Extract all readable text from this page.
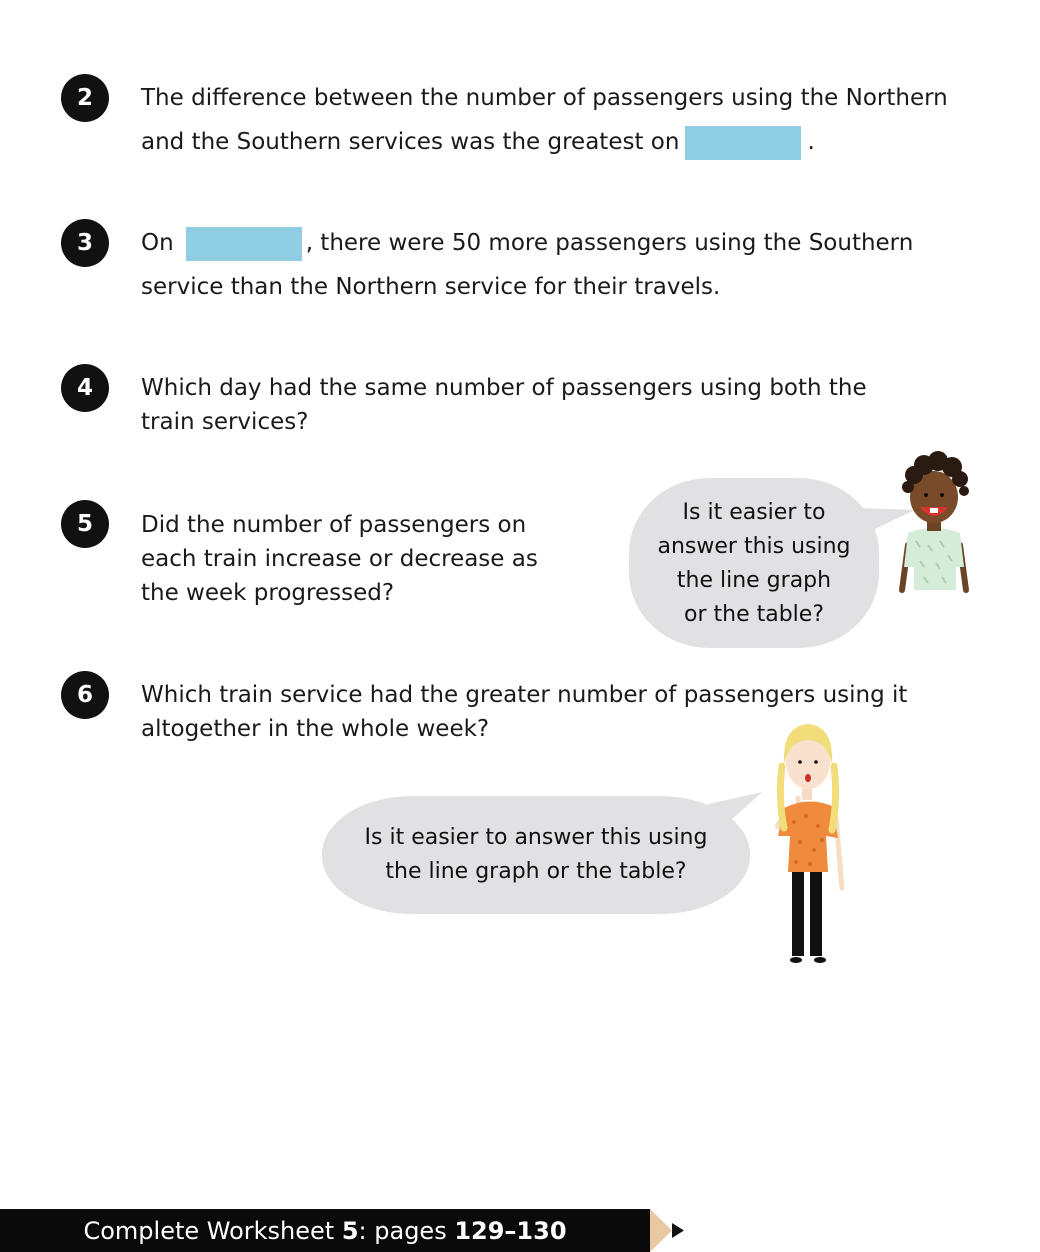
2	The difference between the number of passengers using the Northern
and the Southern services was the greatest on	.
3	On	, there were 50 more passengers using the Southern
service than the Northern service for their travels.
4	Which day had the same number of passengers using both the
train services?
5	Did the number of passengers on
each train increase or decrease as
the week progressed?
6	Which train service had the greater number of passengers using it
altogether in the whole week?
Is it easier to
answer this using
the line graph
or the table?
Is it easier to answer this using
the line graph or the table?
Complete Worksheet 5 : pages 129–130
